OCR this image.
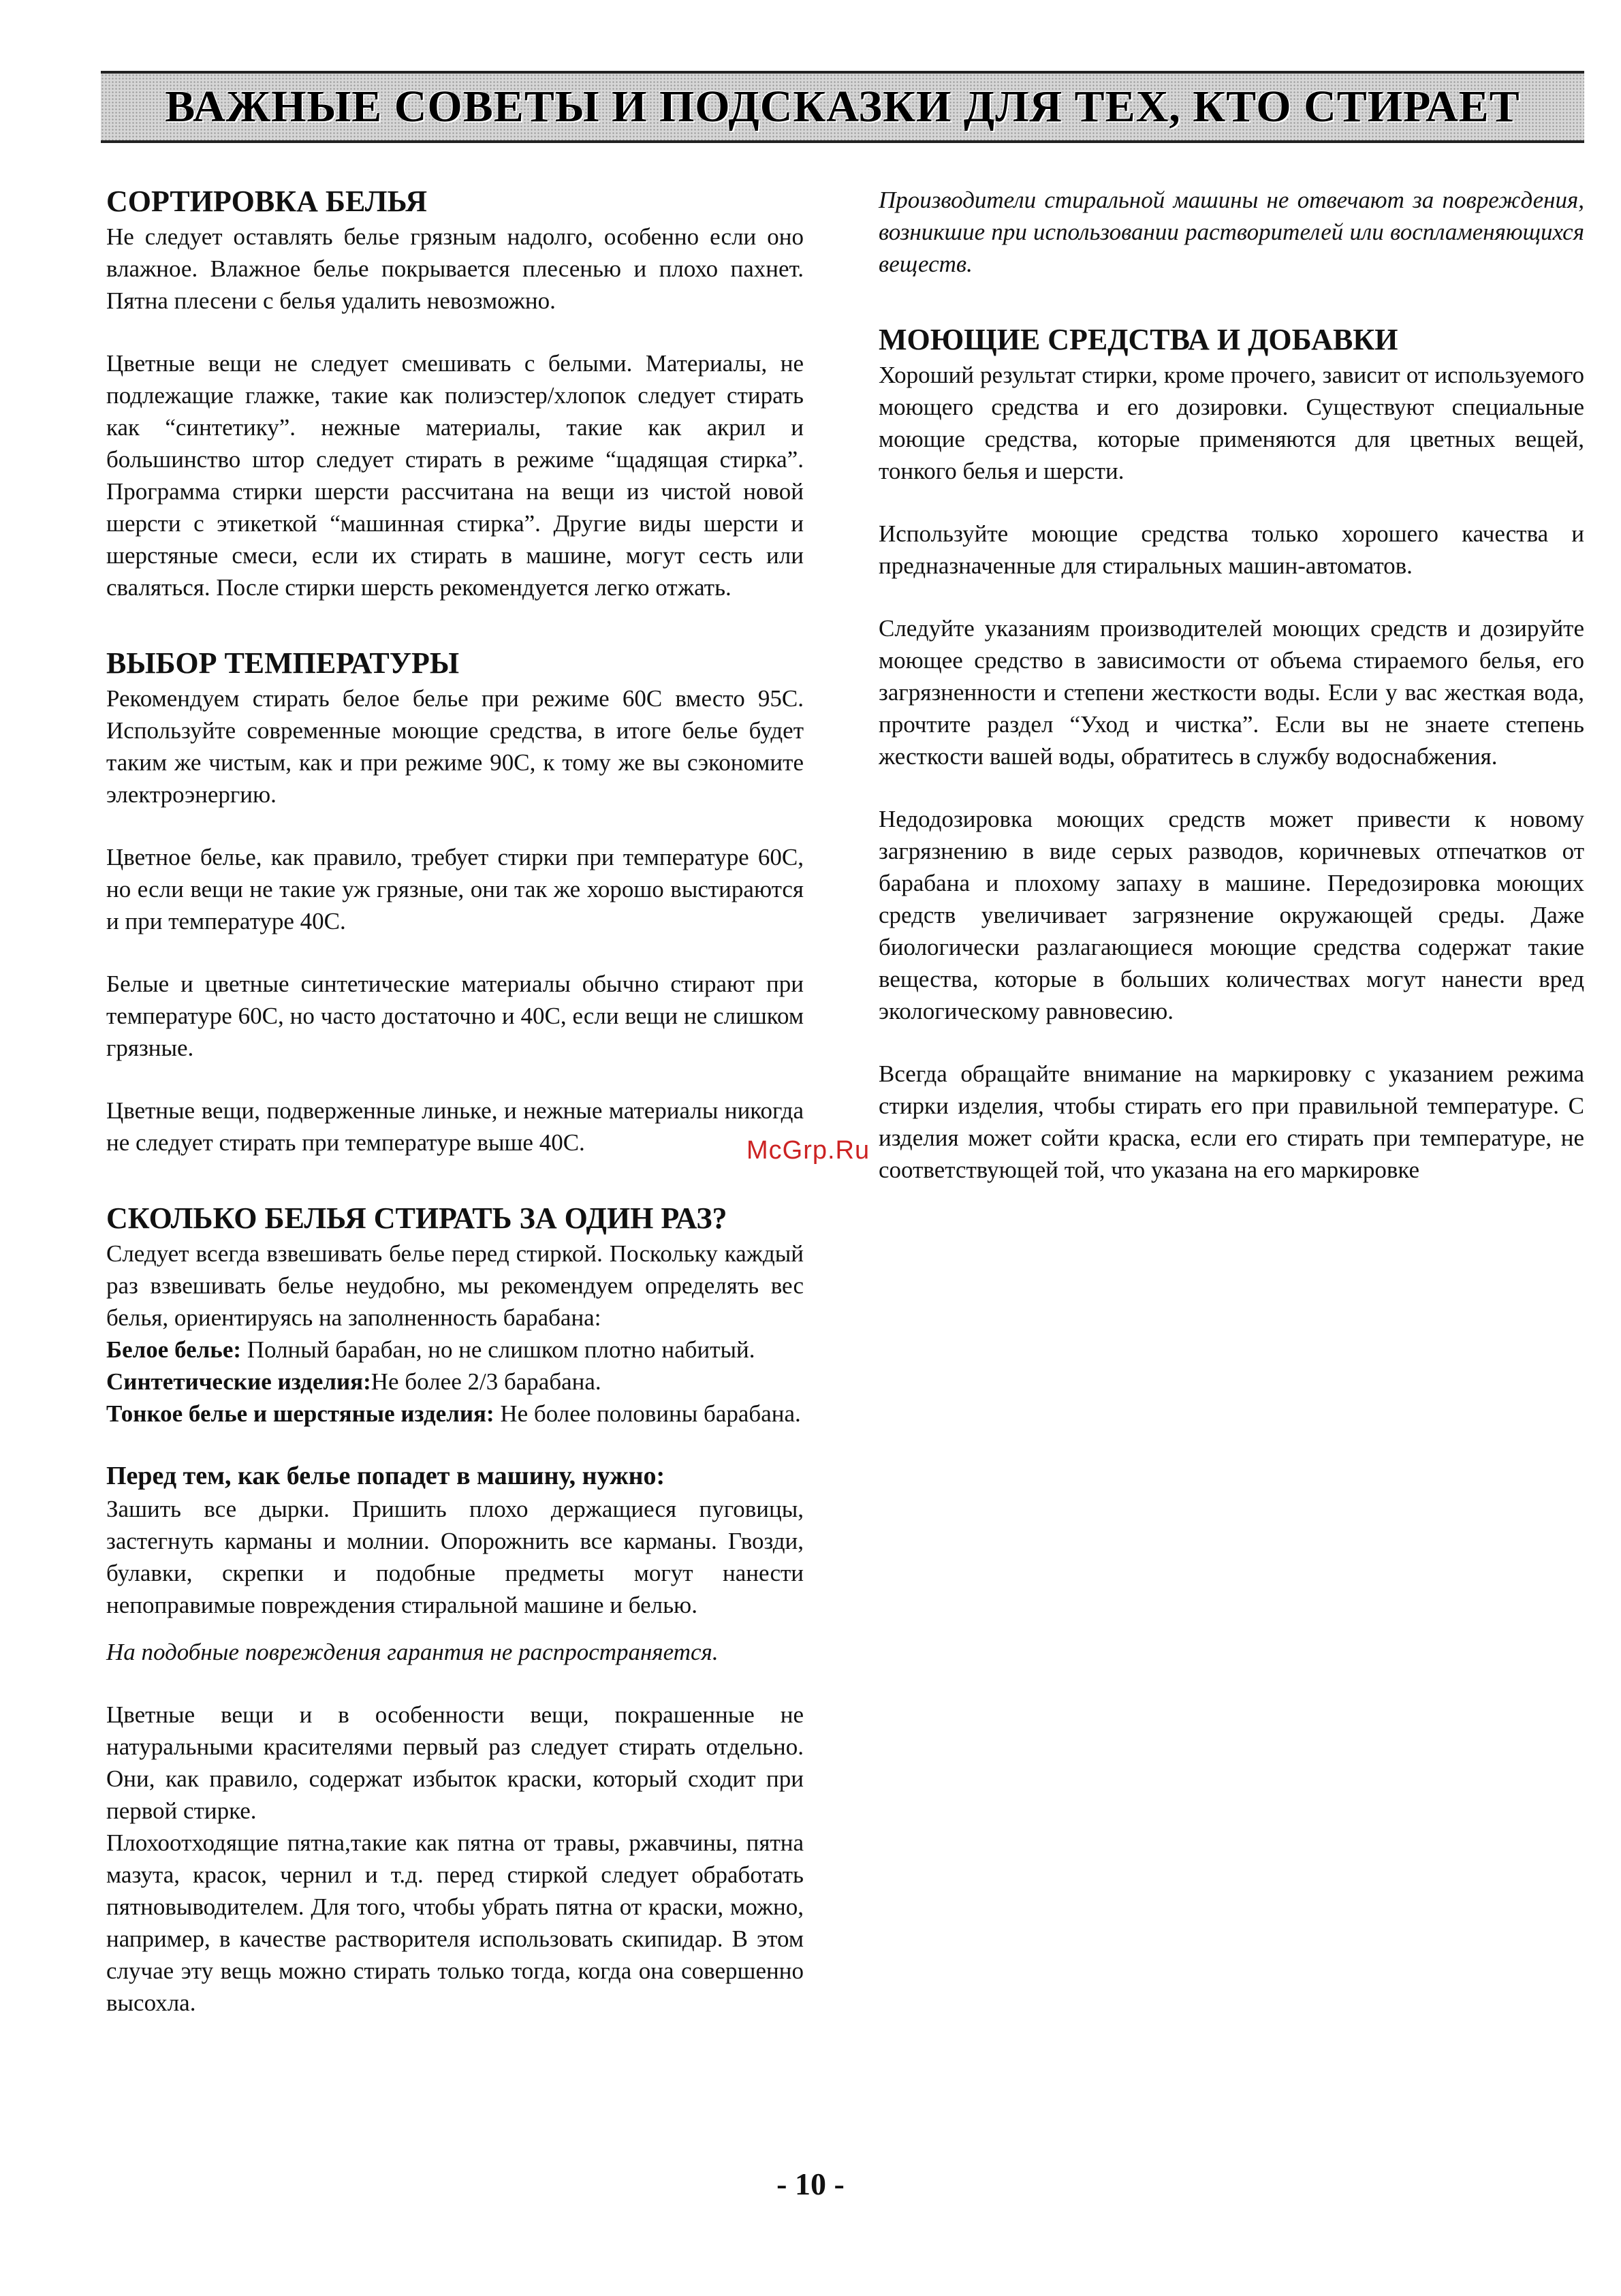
ВАЖНЫЕ СОВЕТЫ И ПОДСКАЗКИ ДЛЯ ТЕХ, КТО СТИРАЕТ
СОРТИРОВКА БЕЛЬЯ

Не следует оставлять белье грязным надолго, особенно если оно влажное. Влажное белье покрывается плесенью и плохо пахнет. Пятна плесени с белья удалить невозможно.

Цветные вещи не следует смешивать с белыми. Материалы, не подлежащие глажке, такие как полиэстер/хлопок следует стирать как “синтетику”. нежные материалы, такие как акрил и большинство штор следует стирать в режиме “щадящая стирка”. Программа стирки шерсти рассчитана на вещи из чистой новой шерсти с этикеткой “машинная стирка”. Другие виды шерсти и шерстяные смеси, если их стирать в машине, могут сесть или сваляться. После стирки шерсть рекомендуется легко отжать.

ВЫБОР ТЕМПЕРАТУРЫ

Рекомендуем стирать белое белье при режиме 60С вместо 95С. Используйте современные моющие средства, в итоге белье будет таким же чистым, как и при режиме 90С, к тому же вы сэкономите электроэнергию.

Цветное белье, как правило, требует стирки при температуре 60С, но если вещи не такие уж грязные, они так же хорошо выстираются и при температуре 40С.

Белые и цветные синтетические материалы обычно стирают при температуре 60С, но часто достаточно и 40С, если вещи не слишком грязные.

Цветные вещи, подверженные линьке, и нежные материалы никогда не следует стирать при температуре выше 40С.

СКОЛЬКО БЕЛЬЯ СТИРАТЬ ЗА ОДИН РАЗ?

Следует всегда взвешивать белье перед стиркой. Поскольку каждый раз взвешивать белье неудобно, мы рекомендуем определять вес белья, ориентируясь на заполненность барабана:

Белое белье: Полный барабан, но не слишком плотно набитый.

Синтетические изделия:Не более 2/3 барабана.

Тонкое белье и шерстяные изделия: Не более половины барабана.

Перед тем, как белье попадет в машину, нужно:

Зашить все дырки. Пришить плохо держащиеся пуговицы, застегнуть карманы и молнии. Опорожнить все карманы. Гвозди, булавки, скрепки и подобные предметы могут нанести непоправимые повреждения стиральной машине и белью.

На подобные повреждения гарантия не распространяется.

Цветные вещи и в особенности вещи, покрашенные не натуральными красителями первый раз следует стирать отдельно. Они, как правило, содержат избыток краски, который сходит при первой стирке.

Плохоотходящие пятна,такие как пятна от травы, ржавчины, пятна мазута, красок, чернил и т.д. перед стиркой следует обработать пятновыводителем. Для того, чтобы убрать пятна от краски, можно, например, в качестве растворителя использовать скипидар. В этом случае эту вещь можно стирать только тогда, когда она совершенно высохла.

Производители стиральной машины не отвечают за повреждения, возникшие при использовании растворителей или воспламеняющихся веществ.

МОЮЩИЕ СРЕДСТВА И ДОБАВКИ

Хороший результат стирки, кроме прочего, зависит от используемого моющего средства и его дозировки. Существуют специальные моющие средства, которые применяются для цветных вещей, тонкого белья и шерсти.

Используйте моющие средства только хорошего качества и предназначенные для стиральных машин-автоматов.

Следуйте указаниям производителей моющих средств и дозируйте моющее средство в зависимости от объема стираемого белья, его загрязненности и степени жесткости воды. Если у вас жесткая вода, прочтите раздел “Уход и чистка”. Если вы не знаете степень жесткости вашей воды, обратитесь в службу водоснабжения.

Недодозировка моющих средств может привести к новому загрязнению в виде серых разводов, коричневых отпечатков от барабана и плохому запаху в машине. Передозировка моющих средств увеличивает загрязнение окружающей среды. Даже биологически разлагающиеся моющие средства содержат такие вещества, которые в больших количествах могут нанести вред экологическому равновесию.

Всегда обращайте внимание на маркировку с указанием режима стирки изделия, чтобы стирать его при правильной температуре. С изделия может сойти краска, если его стирать при температуре, не соответствующей той, что указана на его маркировке

McGrp.Ru
- 10 -
